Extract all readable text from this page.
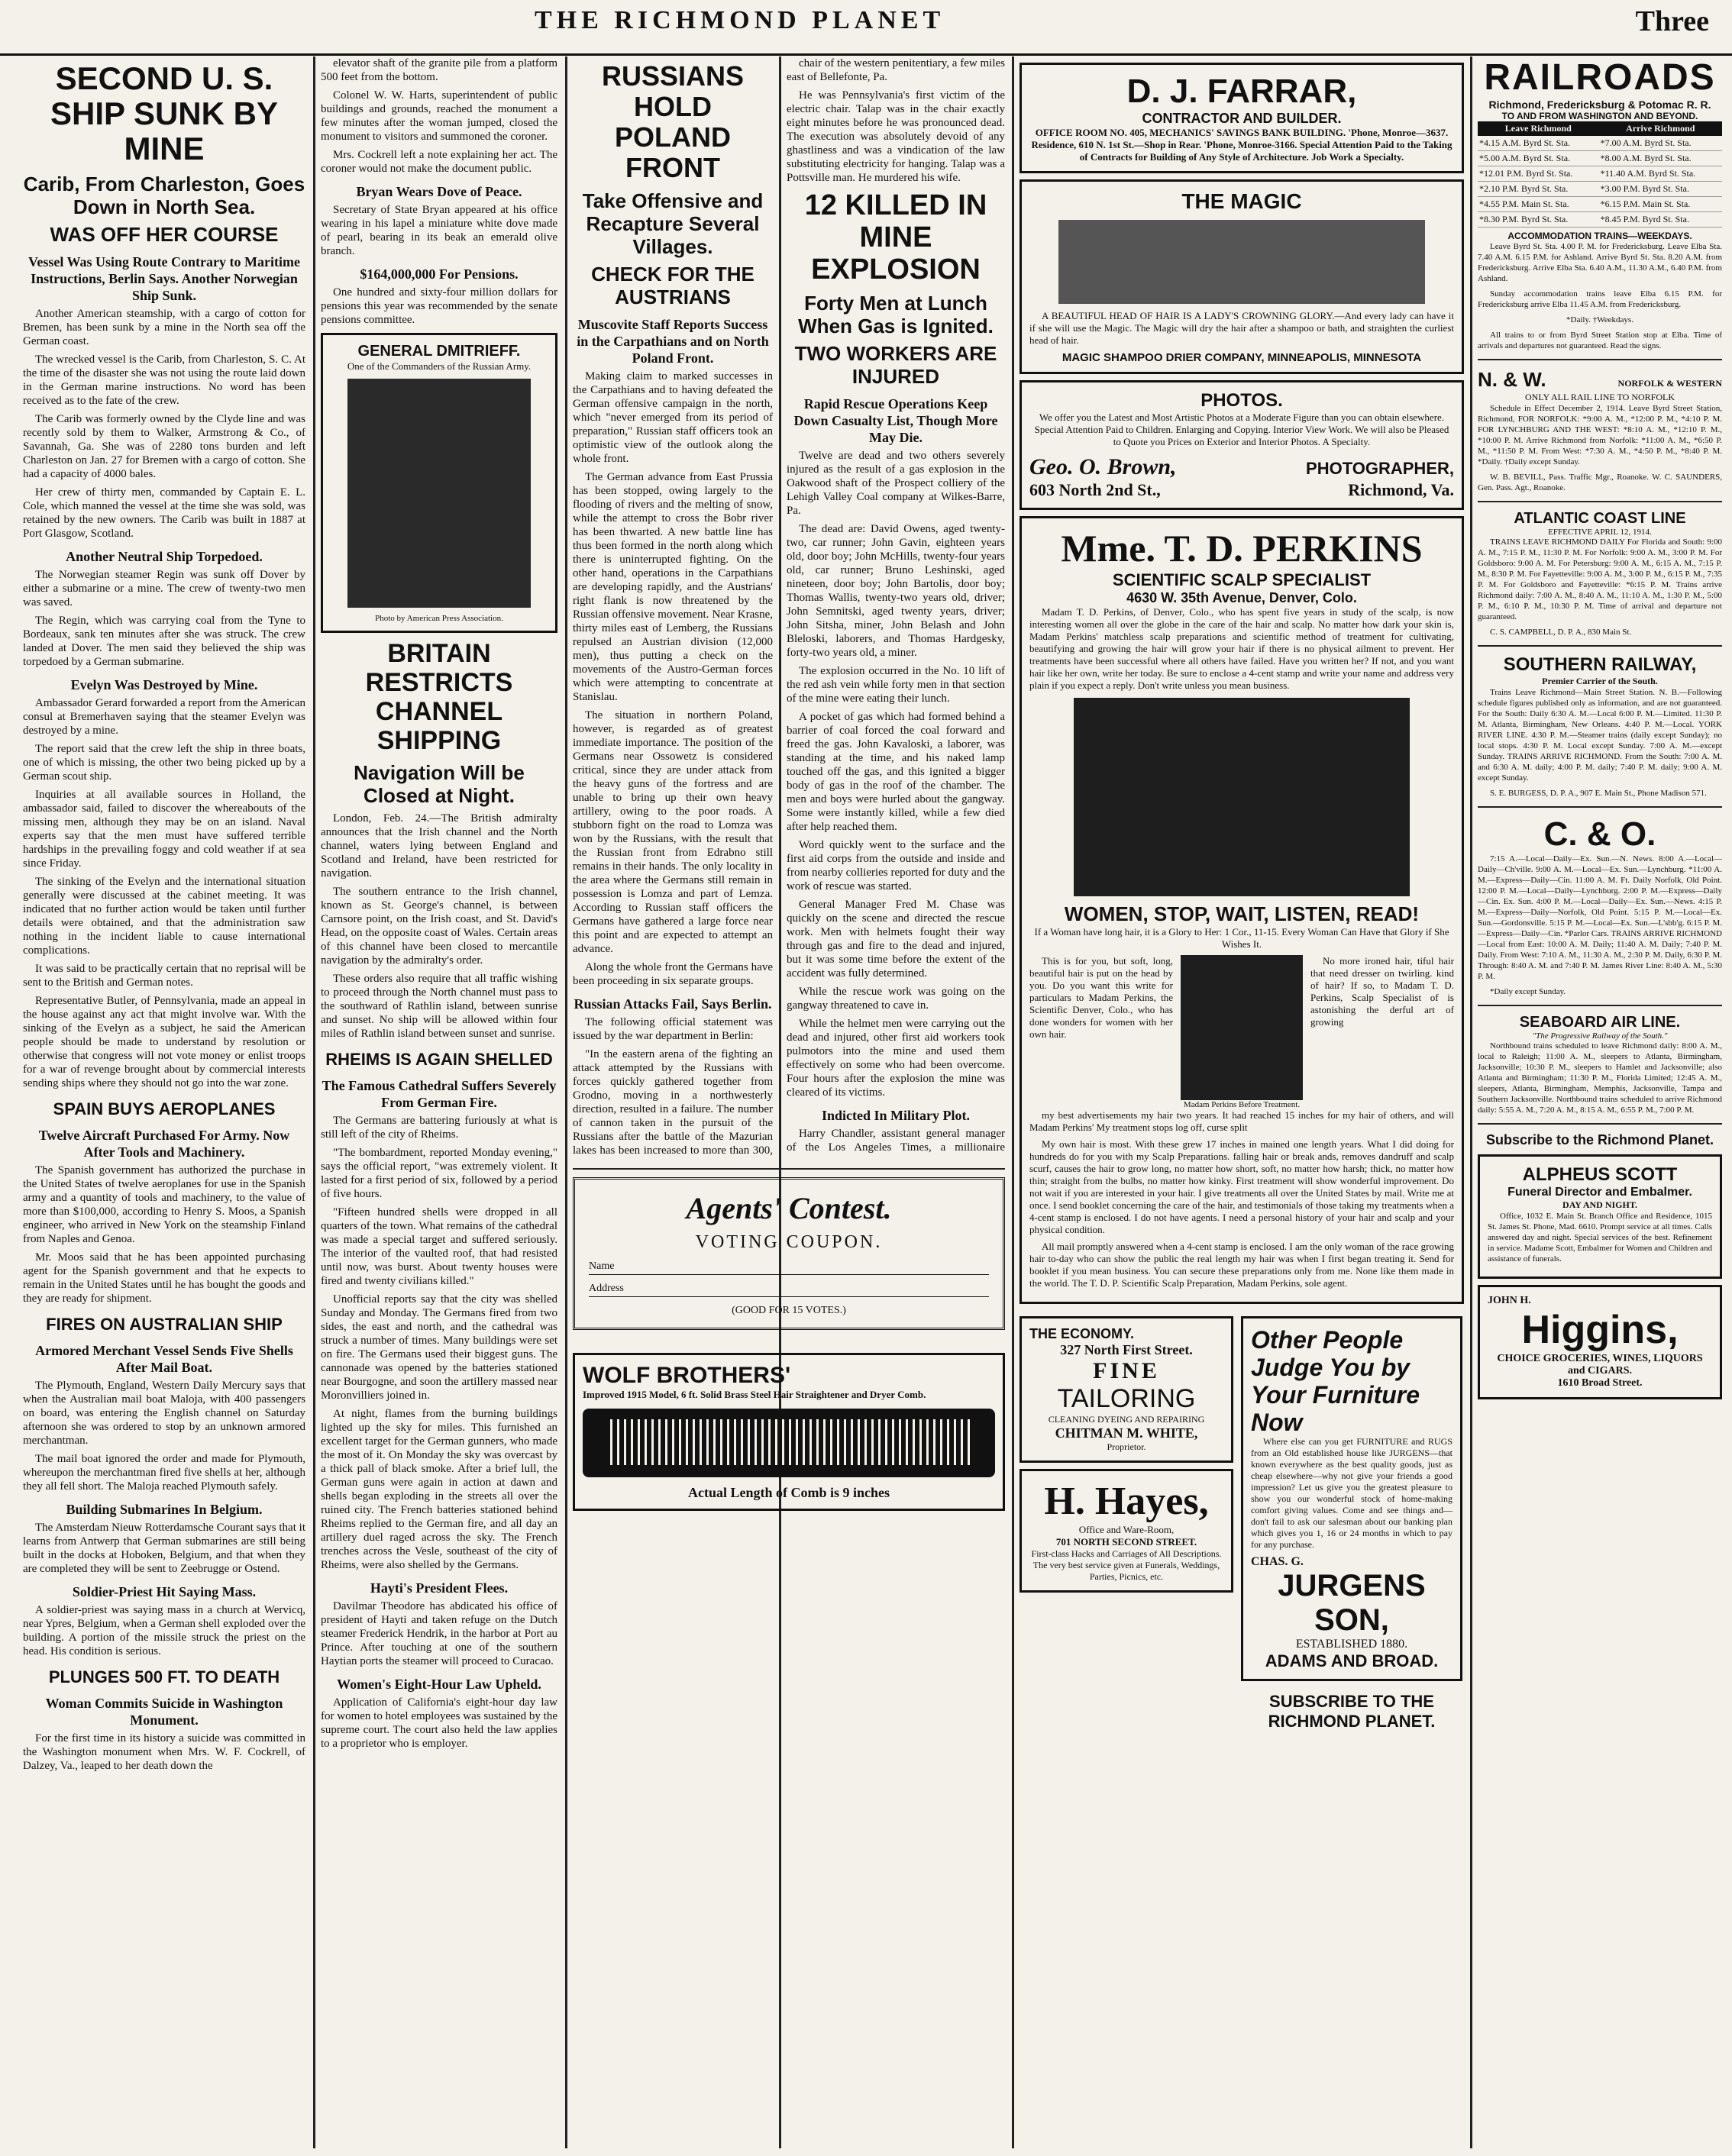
THE RICHMOND PLANET	Three
SECOND U. S. SHIP SUNK BY MINE
Carib, From Charleston, Goes Down in North Sea.
WAS OFF HER COURSE
Vessel Was Using Route Contrary to Maritime Instructions, Berlin Says. Another Norwegian Ship Sunk.

Another American steamship, with a cargo of cotton for Bremen, has been sunk by a mine in the North sea off the German coast.

The wrecked vessel is the Carib, from Charleston, S. C. At the time of the disaster she was not using the route laid down in the German marine instructions. No word has been received as to the fate of the crew.

The Carib was formerly owned by the Clyde line and was recently sold by them to Walker, Armstrong & Co., of Savannah, Ga. She was of 2280 tons burden and left Charleston on Jan. 27 for Bremen with a cargo of cotton. She had a capacity of 4000 bales.

Her crew of thirty men, commanded by Captain E. L. Cole, which manned the vessel at the time she was sold, was retained by the new owners. The Carib was built in 1887 at Port Glasgow, Scotland.

Another Neutral Ship Torpedoed.

The Norwegian steamer Regin was sunk off Dover by either a submarine or a mine. The crew of twenty-two men was saved.

The Regin, which was carrying coal from the Tyne to Bordeaux, sank ten minutes after she was struck. The crew landed at Dover. The men said they believed the ship was torpedoed by a German submarine.

Evelyn Was Destroyed by Mine.

Ambassador Gerard forwarded a report from the American consul at Bremerhaven saying that the steamer Evelyn was destroyed by a mine.

The report said that the crew left the ship in three boats, one of which is missing, the other two being picked up by a German scout ship.

Inquiries at all available sources in Holland, the ambassador said, failed to discover the whereabouts of the missing men, although they may be on an island. Naval experts say that the men must have suffered terrible hardships in the prevailing foggy and cold weather if at sea since Friday.

The sinking of the Evelyn and the international situation generally were discussed at the cabinet meeting. It was indicated that no further action would be taken until further details were obtained, and that the administration saw nothing in the incident liable to cause international complications.

It was said to be practically certain that no reprisal will be sent to the British and German notes.

Representative Butler, of Pennsylvania, made an appeal in the house against any act that might involve war. With the sinking of the Evelyn as a subject, he said the American people should be made to understand by resolution or otherwise that congress will not vote money or enlist troops for a war of revenge brought about by commercial interests sending ships where they should not go into the war zone.

SPAIN BUYS AEROPLANES
Twelve Aircraft Purchased For Army. Now After Tools and Machinery.

The Spanish government has authorized the purchase in the United States of twelve aeroplanes for use in the Spanish army and a quantity of tools and machinery, to the value of more than $100,000, according to Henry S. Moos, a Spanish engineer, who arrived in New York on the steamship Finland from Naples and Genoa.

Mr. Moos said that he has been appointed purchasing agent for the Spanish government and that he expects to remain in the United States until he has bought the goods and they are ready for shipment.

FIRES ON AUSTRALIAN SHIP
Armored Merchant Vessel Sends Five Shells After Mail Boat.

The Plymouth, England, Western Daily Mercury says that when the Australian mail boat Maloja, with 400 passengers on board, was entering the English channel on Saturday afternoon she was ordered to stop by an unknown armored merchantman.

The mail boat ignored the order and made for Plymouth, whereupon the merchantman fired five shells at her, although they all fell short. The Maloja reached Plymouth safely.

Building Submarines In Belgium.

The Amsterdam Nieuw Rotterdamsche Courant says that it learns from Antwerp that German submarines are still being built in the docks at Hoboken, Belgium, and that when they are completed they will be sent to Zeebrugge or Ostend.

Soldier-Priest Hit Saying Mass.

A soldier-priest was saying mass in a church at Wervicq, near Ypres, Belgium, when a German shell exploded over the building. A portion of the missile struck the priest on the head. His condition is serious.

PLUNGES 500 FT. TO DEATH
Woman Commits Suicide in Washington Monument.

For the first time in its history a suicide was committed in the Washington monument when Mrs. W. F. Cockrell, of Dalzey, Va., leaped to her death down the

elevator shaft of the granite pile from a platform 500 feet from the bottom.

Colonel W. W. Harts, superintendent of public buildings and grounds, reached the monument a few minutes after the woman jumped, closed the monument to visitors and summoned the coroner.

Mrs. Cockrell left a note explaining her act. The coroner would not make the document public.

Bryan Wears Dove of Peace.

Secretary of State Bryan appeared at his office wearing in his lapel a miniature white dove made of pearl, bearing in its beak an emerald olive branch.

$164,000,000 For Pensions.

One hundred and sixty-four million dollars for pensions this year was recommended by the senate pensions committee.

GENERAL DMITRIEFF.
One of the Commanders of the Russian Army.
Photo by American Press Association.
BRITAIN RESTRICTS CHANNEL SHIPPING
Navigation Will be Closed at Night.

London, Feb. 24.—The British admiralty announces that the Irish channel and the North channel, waters lying between England and Scotland and Ireland, have been restricted for navigation.

The southern entrance to the Irish channel, known as St. George's channel, is between Carnsore point, on the Irish coast, and St. David's Head, on the opposite coast of Wales. Certain areas of this channel have been closed to mercantile navigation by the admiralty's order.

These orders also require that all traffic wishing to proceed through the North channel must pass to the southward of Rathlin island, between sunrise and sunset. No ship will be allowed within four miles of Rathlin island between sunset and sunrise.

RHEIMS IS AGAIN SHELLED
The Famous Cathedral Suffers Severely From German Fire.

The Germans are battering furiously at what is still left of the city of Rheims.

"The bombardment, reported Monday evening," says the official report, "was extremely violent. It lasted for a first period of six, followed by a period of five hours.

"Fifteen hundred shells were dropped in all quarters of the town. What remains of the cathedral was made a special target and suffered seriously. The interior of the vaulted roof, that had resisted until now, was burst. About twenty houses were fired and twenty civilians killed."

Unofficial reports say that the city was shelled Sunday and Monday. The Germans fired from two sides, the east and north, and the cathedral was struck a number of times. Many buildings were set on fire. The Germans used their biggest guns. The cannonade was opened by the batteries stationed near Bourgogne, and soon the artillery massed near Moronvilliers joined in.

At night, flames from the burning buildings lighted up the sky for miles. This furnished an excellent target for the German gunners, who made the most of it. On Monday the sky was overcast by a thick pall of black smoke. After a brief lull, the German guns were again in action at dawn and shells began exploding in the streets all over the ruined city. The French batteries stationed behind Rheims replied to the German fire, and all day an artillery duel raged across the sky. The French trenches across the Vesle, southeast of the city of Rheims, were also shelled by the Germans.

Hayti's President Flees.

Davilmar Theodore has abdicated his office of president of Hayti and taken refuge on the Dutch steamer Frederick Hendrik, in the harbor at Port au Prince. After touching at one of the southern Haytian ports the steamer will proceed to Curacao.

Women's Eight-Hour Law Upheld.

Application of California's eight-hour day law for women to hotel employees was sustained by the supreme court. The court also held the law applies to a proprietor who is employer.

RUSSIANS HOLD POLAND FRONT
Take Offensive and Recapture Several Villages.
CHECK FOR THE AUSTRIANS
Muscovite Staff Reports Success in the Carpathians and on North Poland Front.

Making claim to marked successes in the Carpathians and to having defeated the German offensive campaign in the north, which "never emerged from its period of preparation," Russian staff officers took an optimistic view of the outlook along the whole front.

The German advance from East Prussia has been stopped, owing largely to the flooding of rivers and the melting of snow, while the attempt to cross the Bobr river has been thwarted. A new battle line has thus been formed in the north along which there is uninterrupted fighting. On the other hand, operations in the Carpathians are developing rapidly, and the Austrians' right flank is now threatened by the Russian offensive movement. Near Krasne, thirty miles east of Lemberg, the Russians repulsed an Austrian division (12,000 men), thus putting a check on the movements of the Austro-German forces which were attempting to concentrate at Stanislau.

The situation in northern Poland, however, is regarded as of greatest immediate importance. The position of the Germans near Ossowetz is considered critical, since they are under attack from the heavy guns of the fortress and are unable to bring up their own heavy artillery, owing to the poor roads. A stubborn fight on the road to Lomza was won by the Russians, with the result that the Russian front from Edrabno still remains in their hands. The only locality in the area where the Germans still remain in possession is Lomza and part of Lemza. According to Russian staff officers the Germans have gathered a large force near this point and are expected to attempt an advance.

Along the whole front the Germans have been proceeding in six separate groups.

Russian Attacks Fail, Says Berlin.

The following official statement was issued by the war department in Berlin:

"In the eastern arena of the fighting an attack attempted by the Russians with forces quickly gathered together from Grodno, moving in a northwesterly direction, resulted in a failure. The number of cannon taken in the pursuit of the Russians after the battle of the Mazurian lakes has been increased to more than 300,

chair of the western penitentiary, a few miles east of Bellefonte, Pa.

He was Pennsylvania's first victim of the electric chair. Talap was in the chair exactly eight minutes before he was pronounced dead. The execution was absolutely devoid of any ghastliness and was a vindication of the law substituting electricity for hanging. Talap was a Pottsville man. He murdered his wife.

12 KILLED IN MINE EXPLOSION
Forty Men at Lunch When Gas is Ignited.
TWO WORKERS ARE INJURED
Rapid Rescue Operations Keep Down Casualty List, Though More May Die.

Twelve are dead and two others severely injured as the result of a gas explosion in the Oakwood shaft of the Prospect colliery of the Lehigh Valley Coal company at Wilkes-Barre, Pa.

The dead are: David Owens, aged twenty-two, car runner; John Gavin, eighteen years old, door boy; John McHills, twenty-four years old, car runner; Bruno Leshinski, aged nineteen, door boy; John Bartolis, door boy; Thomas Wallis, twenty-two years old, driver; John Semnitski, aged twenty years, driver; John Sitsha, miner, John Belash and John Bleloski, laborers, and Thomas Hardgesky, forty-two years old, a miner.

The explosion occurred in the No. 10 lift of the red ash vein while forty men in that section of the mine were eating their lunch.

A pocket of gas which had formed behind a barrier of coal forced the coal forward and freed the gas. John Kavaloski, a laborer, was standing at the time, and his naked lamp touched off the gas, and this ignited a bigger body of gas in the roof of the chamber. The men and boys were hurled about the gangway. Some were instantly killed, while a few died after help reached them.

Word quickly went to the surface and the first aid corps from the outside and inside and from nearby collieries reported for duty and the work of rescue was started.

General Manager Fred M. Chase was quickly on the scene and directed the rescue work. Men with helmets fought their way through gas and fire to the dead and injured, but it was some time before the extent of the accident was fully determined.

While the rescue work was going on the gangway threatened to cave in.

While the helmet men were carrying out the dead and injured, other first aid workers took pulmotors into the mine and used them effectively on some who had been overcome. Four hours after the explosion the mine was cleared of its victims.

Indicted In Military Plot.

Harry Chandler, assistant general manager of the Los Angeles Times, a millionaire

Agents' Contest.
VOTING COUPON.
Name
Address
(GOOD FOR 15 VOTES.)
WOLF BROTHERS'
Improved 1915 Model, 6 ft. Solid Brass Steel Hair Straightener and Dryer Comb.
Actual Length of Comb is 9 inches
D. J. FARRAR,
CONTRACTOR AND BUILDER.
OFFICE ROOM NO. 405, MECHANICS' SAVINGS BANK BUILDING. 'Phone, Monroe—3637.
Residence, 610 N. 1st St.—Shop in Rear. 'Phone, Monroe-3166. Special Attention Paid to the Taking of Contracts for Building of Any Style of Architecture. Job Work a Specialty.
THE MAGIC

A BEAUTIFUL HEAD OF HAIR IS A LADY'S CROWNING GLORY.—And every lady can have it if she will use the Magic. The Magic will dry the hair after a shampoo or bath, and straighten the curliest head of hair.

MAGIC SHAMPOO DRIER COMPANY, MINNEAPOLIS, MINNESOTA
PHOTOS.
We offer you the Latest and Most Artistic Photos at a Moderate Figure than you can obtain elsewhere. Special Attention Paid to Children. Enlarging and Copying. Interior View Work. We will also be Pleased to Quote you Prices on Exterior and Interior Photos. A Specialty.
Geo. O. Brown,	PHOTOGRAPHER,
603 North 2nd St.,	Richmond, Va.
Mme. T. D. PERKINS
SCIENTIFIC SCALP SPECIALIST
4630 W. 35th Avenue, Denver, Colo.

Madam T. D. Perkins, of Denver, Colo., who has spent five years in study of the scalp, is now interesting women all over the globe in the care of the hair and scalp. No matter how dark your skin is, Madam Perkins' matchless scalp preparations and scientific method of treatment for cultivating, beautifying and growing the hair will grow your hair if there is no physical ailment to prevent. Her treatments have been successful where all others have failed. Have you written her? If not, and you want hair like her own, write her today. Be sure to enclose a 4-cent stamp and write your name and address very plain if you expect a reply. Don't write unless you mean business.

WOMEN, STOP, WAIT, LISTEN, READ!
If a Woman have long hair, it is a Glory to Her: 1 Cor., 11-15. Every Woman Can Have that Glory if She Wishes It.

This is for you, but soft, long, beautiful hair is put on the head by you. Do you want this write for particulars to Madam Perkins, the Scientific Denver, Colo., who has done wonders for women with her own hair.

No more ironed hair, tiful hair that need dresser on twirling. kind of hair? If so, to Madam T. D. Perkins, Scalp Specialist of is astonishing the derful art of growing

Madam Perkins Before Treatment.

my best advertisements my hair two years. It had reached 15 inches for my hair of others, and will Madam Perkins' My treatment stops log off, curse split

My own hair is most. With these grew 17 inches in mained one length years. What I did doing for hundreds do for you with my Scalp Preparations. falling hair or break ands, removes dandruff and scalp scurf, causes the hair to grow long, no matter how short, soft, no matter how harsh; thick, no matter how thin; straight from the bulbs, no matter how kinky. First treatment will show wonderful improvement. Do not wait if you are interested in your hair. I give treatments all over the United States by mail. Write me at once. I send booklet concerning the care of the hair, and testimonials of those taking my treatments when a 4-cent stamp is enclosed. I do not have agents. I need a personal history of your hair and scalp and your physical condition.

All mail promptly answered when a 4-cent stamp is enclosed. I am the only woman of the race growing hair to-day who can show the public the real length my hair was when I first began treating it. Send for booklet if you mean business. You can secure these preparations only from me. None like them made in the world. The T. D. P. Scientific Scalp Preparation, Madam Perkins, sole agent.

THE ECONOMY.
327 North First Street.
FINE
TAILORING
CLEANING DYEING AND REPAIRING
CHITMAN M. WHITE,
Proprietor.
H. Hayes,
Office and Ware-Room,
701 NORTH SECOND STREET.
First-class Hacks and Carriages of All Descriptions. The very best service given at Funerals, Weddings, Parties, Picnics, etc.
Other People Judge You by Your Furniture Now

Where else can you get FURNITURE and RUGS from an Old established house like JURGENS—that known everywhere as the best quality goods, just as cheap elsewhere—why not give your friends a good impression? Let us give you the greatest pleasure to show you our wonderful stock of home-making comfort giving values. Come and see things and—don't fail to ask our salesman about our banking plan which gives you 1, 16 or 24 months in which to pay for any purchase.

CHAS. G.
JURGENS SON,
ESTABLISHED 1880.
ADAMS AND BROAD.
SUBSCRIBE TO THE RICHMOND PLANET.
RAILROADS
Richmond, Fredericksburg & Potomac R. R.
TO AND FROM WASHINGTON AND BEYOND.
Leave Richmond	Arrive Richmond
*4.15 A.M. Byrd St. Sta.	*7.00 A.M. Byrd St. Sta.
*5.00 A.M. Byrd St. Sta.	*8.00 A.M. Byrd St. Sta.
*12.01 P.M. Byrd St. Sta.	*11.40 A.M. Byrd St. Sta.
*2.10 P.M. Byrd St. Sta.	*3.00 P.M. Byrd St. Sta.
*4.55 P.M. Main St. Sta.	*6.15 P.M. Main St. Sta.
*8.30 P.M. Byrd St. Sta.	*8.45 P.M. Byrd St. Sta.
ACCOMMODATION TRAINS—WEEKDAYS.

Leave Byrd St. Sta. 4.00 P. M. for Fredericksburg. Leave Elba Sta. 7.40 A.M. 6.15 P.M. for Ashland. Arrive Byrd St. Sta. 8.20 A.M. from Fredericksburg. Arrive Elba Sta. 6.40 A.M., 11.30 A.M., 6.40 P.M. from Ashland.

Sunday accommodation trains leave Elba 6.15 P.M. for Fredericksburg arrive Elba 11.45 A.M. from Fredericksburg.

*Daily. †Weekdays.

All trains to or from Byrd Street Station stop at Elba. Time of arrivals and departures not guaranteed. Read the signs.

N. & W.	NORFOLK & WESTERN
ONLY ALL RAIL LINE TO NORFOLK

Schedule in Effect December 2, 1914. Leave Byrd Street Station, Richmond, FOR NORFOLK: *9:00 A. M., *12:00 P. M., *4:10 P. M. FOR LYNCHBURG AND THE WEST: *8:10 A. M., *12:10 P. M., *10:00 P. M. Arrive Richmond from Norfolk: *11:00 A. M., *6:50 P. M., *11:50 P. M. From West: *7:30 A. M., *4:50 P. M., *8:40 P. M. *Daily. †Daily except Sunday.

W. B. BEVILL, Pass. Traffic Mgr., Roanoke. W. C. SAUNDERS, Gen. Pass. Agt., Roanoke.

ATLANTIC COAST LINE
EFFECTIVE APRIL 12, 1914.

TRAINS LEAVE RICHMOND DAILY For Florida and South: 9:00 A. M., 7:15 P. M., 11:30 P. M. For Norfolk: 9:00 A. M., 3:00 P. M. For Goldsboro: 9:00 A. M. For Petersburg: 9:00 A. M., 6:15 A. M., 7:15 P. M., 8:30 P. M. For Fayetteville: 9:00 A. M., 3:00 P. M., 6:15 P. M., 7:35 P. M. For Goldsboro and Fayetteville: *6:15 P. M. Trains arrive Richmond daily: 7:00 A. M., 8:40 A. M., 11:10 A. M., 1:30 P. M., 5:00 P. M., 6:10 P. M., 10:30 P. M. Time of arrival and departure not guaranteed.

C. S. CAMPBELL, D. P. A., 830 Main St.

SOUTHERN RAILWAY,
Premier Carrier of the South.

Trains Leave Richmond—Main Street Station. N. B.—Following schedule figures published only as information, and are not guaranteed. For the South: Daily 6:30 A. M.—Local 6:00 P. M.—Limited. 11:30 P. M. Atlanta, Birmingham, New Orleans. 4:40 P. M.—Local. YORK RIVER LINE. 4:30 P. M.—Steamer trains (daily except Sunday); no local stops. 4:30 P. M. Local except Sunday. 7:00 A. M.—except Sunday. TRAINS ARRIVE RICHMOND. From the South: 7:00 A. M. and 6:30 A. M. daily; 4:00 P. M. daily; 7:40 P. M. daily; 9:00 A. M. except Sunday.

S. E. BURGESS, D. P. A., 907 E. Main St., Phone Madison 571.

C. & O.

7:15 A.—Local—Daily—Ex. Sun.—N. News. 8:00 A.—Local—Daily—Ch'ville. 9:00 A. M.—Local—Ex. Sun.—Lynchburg. *11:00 A. M.—Express—Daily—Cin. 11:00 A. M. Ft. Daily Norfolk, Old Point. 12:00 P. M.—Local—Daily—Lynchburg. 2:00 P. M.—Express—Daily—Cin. Ex. Sun. 4:00 P. M.—Local—Daily—Ex. Sun.—News. 4:15 P. M.—Express—Daily—Norfolk, Old Point. 5:15 P. M.—Local—Ex. Sun.—Gordonsville. 5:15 P. M.—Local—Ex. Sun.—L'sbb'g. 6:15 P. M.—Express—Daily—Cin. *Parlor Cars. TRAINS ARRIVE RICHMOND—Local from East: 10:00 A. M. Daily; 11:40 A. M. Daily; 7:40 P. M. Daily. From West: 7:10 A. M., 11:30 A. M., 2:30 P. M. Daily, 6:30 P. M. Through: 8:40 A. M. and 7:40 P. M. James River Line: 8:40 A. M., 5:30 P. M.

*Daily except Sunday.

SEABOARD AIR LINE.
"The Progressive Railway of the South."

Northbound trains scheduled to leave Richmond daily: 8:00 A. M., local to Raleigh; 11:00 A. M., sleepers to Atlanta, Birmingham, Jacksonville; 10:30 P. M., sleepers to Hamlet and Jacksonville; also Atlanta and Birmingham; 11:30 P. M., Florida Limited; 12:45 A. M., sleepers, Atlanta, Birmingham, Memphis, Jacksonville, Tampa and Southern Jacksonville. Northbound trains scheduled to arrive Richmond daily: 5:55 A. M., 7:20 A. M., 8:15 A. M., 6:55 P. M., 7:00 P. M.

Subscribe to the Richmond Planet.
ALPHEUS SCOTT
Funeral Director and Embalmer.
DAY AND NIGHT.

Office, 1032 E. Main St. Branch Office and Residence, 1015 St. James St. Phone, Mad. 6610. Prompt service at all times. Calls answered day and night. Special services of the best. Refinement in service. Madame Scott, Embalmer for Women and Children and assistance of funerals.

JOHN H.
Higgins,
CHOICE GROCERIES, WINES, LIQUORS and CIGARS.
1610 Broad Street.
